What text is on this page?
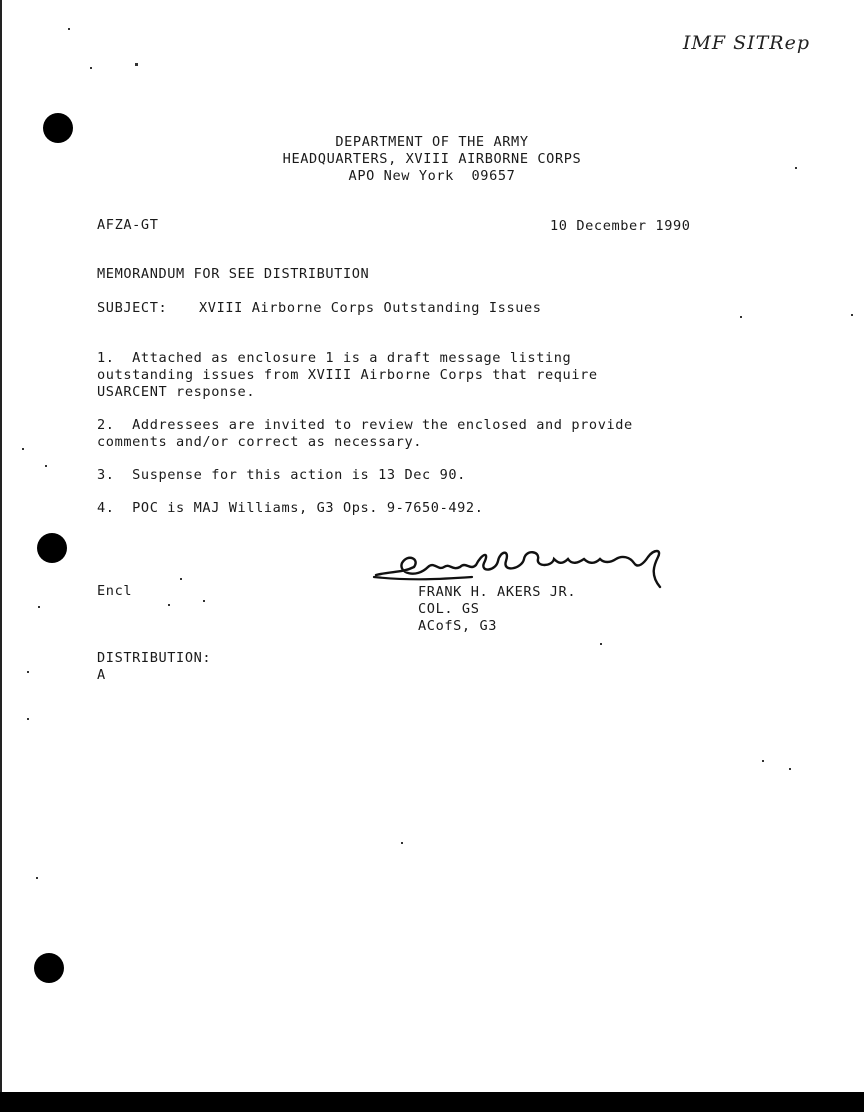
IMF SITRep
DEPARTMENT OF THE ARMY
HEADQUARTERS, XVIII AIRBORNE CORPS
APO New York  09657
AFZA-GT	10 December 1990
MEMORANDUM FOR SEE DISTRIBUTION
SUBJECT: XVIII Airborne Corps Outstanding Issues
1.  Attached as enclosure 1 is a draft message listing
outstanding issues from XVIII Airborne Corps that require
USARCENT response.
2.  Addressees are invited to review the enclosed and provide
comments and/or correct as necessary.
3.  Suspense for this action is 13 Dec 90.
4.  POC is MAJ Williams, G3 Ops. 9-7650-492.
Encl	FRANK H. AKERS JR.
COL. GS
ACofS, G3
DISTRIBUTION:
A
